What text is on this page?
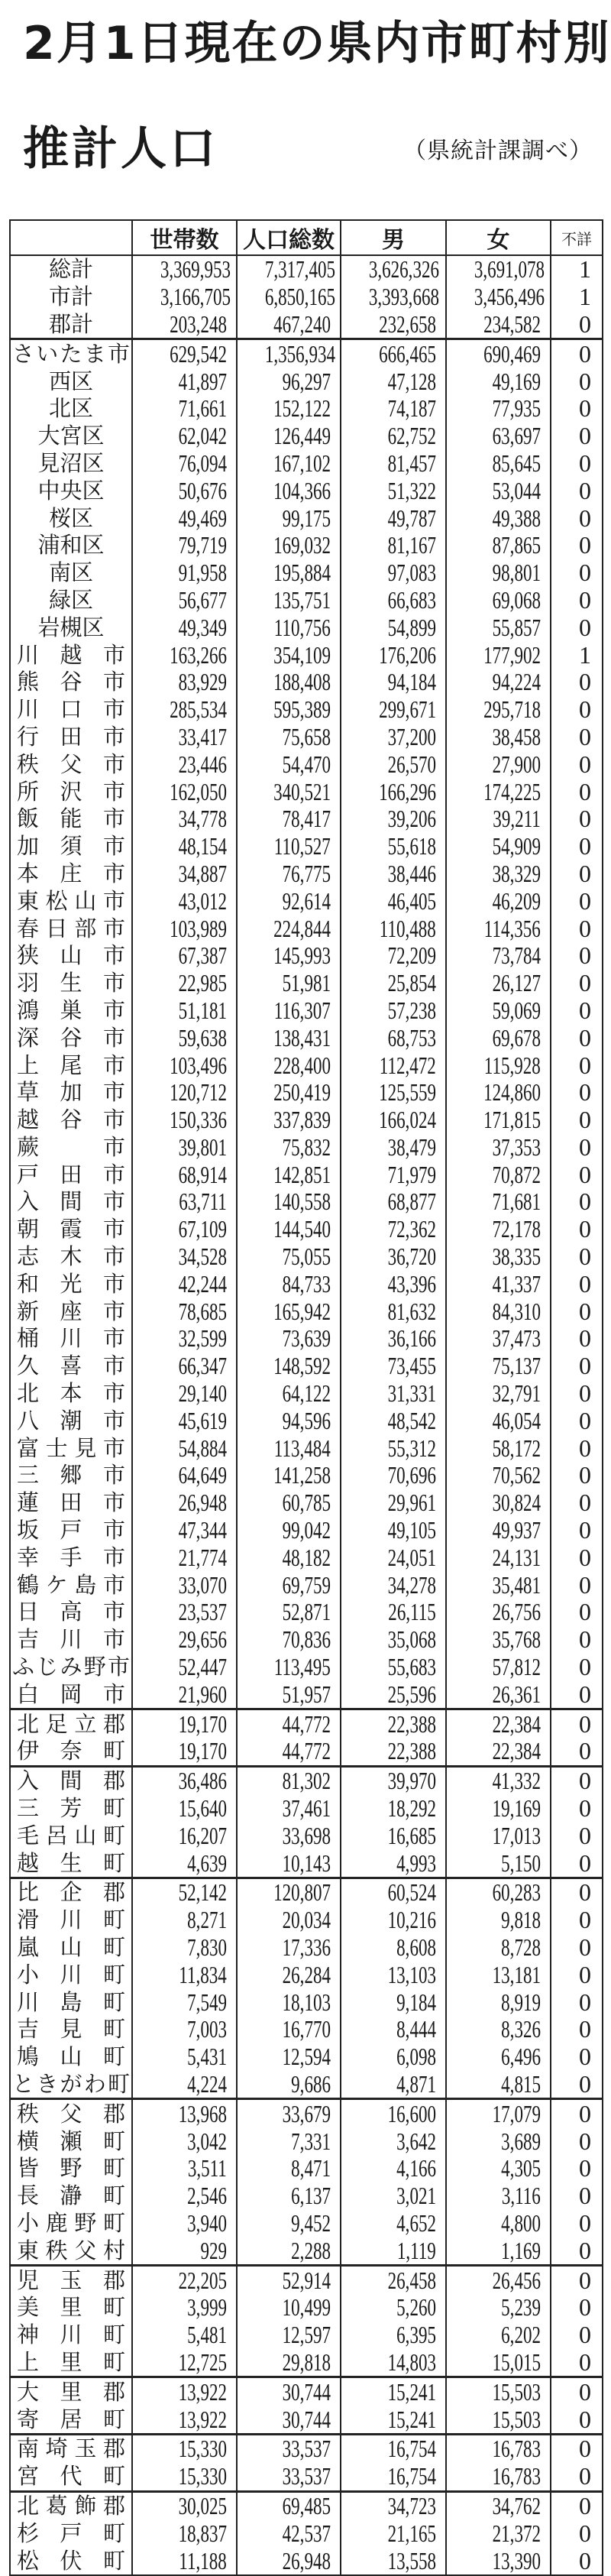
2月1日現在の県内市町村別
推計人口	（県統計課調べ）
	世帯数	人口総数	男	女	不詳
総計	3,369,953	7,317,405	3,626,326	3,691,078	1
市計	3,166,705	6,850,165	3,393,668	3,456,496	1
郡計	203,248	467,240	232,658	234,582	0
さいたま市	629,542	1,356,934	666,465	690,469	0
西区	41,897	96,297	47,128	49,169	0
北区	71,661	152,122	74,187	77,935	0
大宮区	62,042	126,449	62,752	63,697	0
見沼区	76,094	167,102	81,457	85,645	0
中央区	50,676	104,366	51,322	53,044	0
桜区	49,469	99,175	49,787	49,388	0
浦和区	79,719	169,032	81,167	87,865	0
南区	91,958	195,884	97,083	98,801	0
緑区	56,677	135,751	66,683	69,068	0
岩槻区	49,349	110,756	54,899	55,857	0
川越市	163,266	354,109	176,206	177,902	1
熊谷市	83,929	188,408	94,184	94,224	0
川口市	285,534	595,389	299,671	295,718	0
行田市	33,417	75,658	37,200	38,458	0
秩父市	23,446	54,470	26,570	27,900	0
所沢市	162,050	340,521	166,296	174,225	0
飯能市	34,778	78,417	39,206	39,211	0
加須市	48,154	110,527	55,618	54,909	0
本庄市	34,887	76,775	38,446	38,329	0
東松山市	43,012	92,614	46,405	46,209	0
春日部市	103,989	224,844	110,488	114,356	0
狭山市	67,387	145,993	72,209	73,784	0
羽生市	22,985	51,981	25,854	26,127	0
鴻巣市	51,181	116,307	57,238	59,069	0
深谷市	59,638	138,431	68,753	69,678	0
上尾市	103,496	228,400	112,472	115,928	0
草加市	120,712	250,419	125,559	124,860	0
越谷市	150,336	337,839	166,024	171,815	0
蕨市	39,801	75,832	38,479	37,353	0
戸田市	68,914	142,851	71,979	70,872	0
入間市	63,711	140,558	68,877	71,681	0
朝霞市	67,109	144,540	72,362	72,178	0
志木市	34,528	75,055	36,720	38,335	0
和光市	42,244	84,733	43,396	41,337	0
新座市	78,685	165,942	81,632	84,310	0
桶川市	32,599	73,639	36,166	37,473	0
久喜市	66,347	148,592	73,455	75,137	0
北本市	29,140	64,122	31,331	32,791	0
八潮市	45,619	94,596	48,542	46,054	0
富士見市	54,884	113,484	55,312	58,172	0
三郷市	64,649	141,258	70,696	70,562	0
蓮田市	26,948	60,785	29,961	30,824	0
坂戸市	47,344	99,042	49,105	49,937	0
幸手市	21,774	48,182	24,051	24,131	0
鶴ケ島市	33,070	69,759	34,278	35,481	0
日高市	23,537	52,871	26,115	26,756	0
吉川市	29,656	70,836	35,068	35,768	0
ふじみ野市	52,447	113,495	55,683	57,812	0
白岡市	21,960	51,957	25,596	26,361	0
北足立郡	19,170	44,772	22,388	22,384	0
伊奈町	19,170	44,772	22,388	22,384	0
入間郡	36,486	81,302	39,970	41,332	0
三芳町	15,640	37,461	18,292	19,169	0
毛呂山町	16,207	33,698	16,685	17,013	0
越生町	4,639	10,143	4,993	5,150	0
比企郡	52,142	120,807	60,524	60,283	0
滑川町	8,271	20,034	10,216	9,818	0
嵐山町	7,830	17,336	8,608	8,728	0
小川町	11,834	26,284	13,103	13,181	0
川島町	7,549	18,103	9,184	8,919	0
吉見町	7,003	16,770	8,444	8,326	0
鳩山町	5,431	12,594	6,098	6,496	0
ときがわ町	4,224	9,686	4,871	4,815	0
秩父郡	13,968	33,679	16,600	17,079	0
横瀬町	3,042	7,331	3,642	3,689	0
皆野町	3,511	8,471	4,166	4,305	0
長瀞町	2,546	6,137	3,021	3,116	0
小鹿野町	3,940	9,452	4,652	4,800	0
東秩父村	929	2,288	1,119	1,169	0
児玉郡	22,205	52,914	26,458	26,456	0
美里町	3,999	10,499	5,260	5,239	0
神川町	5,481	12,597	6,395	6,202	0
上里町	12,725	29,818	14,803	15,015	0
大里郡	13,922	30,744	15,241	15,503	0
寄居町	13,922	30,744	15,241	15,503	0
南埼玉郡	15,330	33,537	16,754	16,783	0
宮代町	15,330	33,537	16,754	16,783	0
北葛飾郡	30,025	69,485	34,723	34,762	0
杉戸町	18,837	42,537	21,165	21,372	0
松伏町	11,188	26,948	13,558	13,390	0
